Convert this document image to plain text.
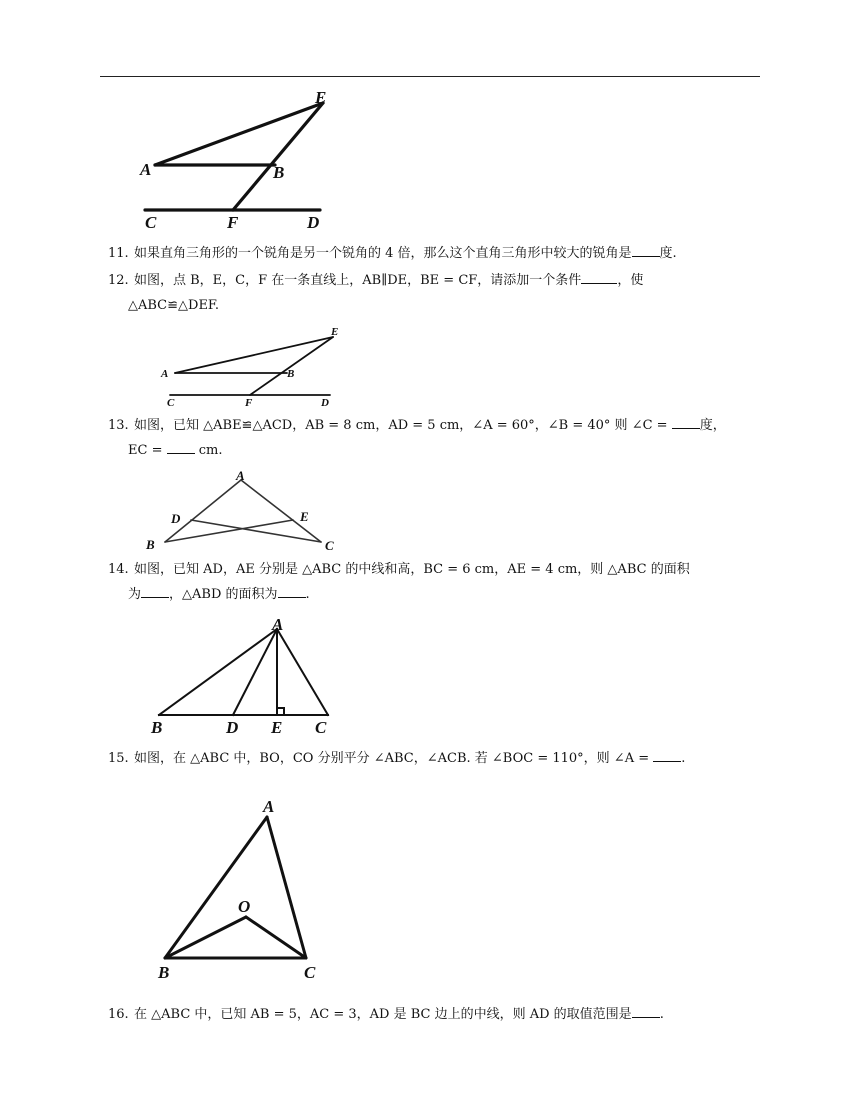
E
A	B
C	F	D
11. 如果直角三角形的一个锐角是另一个锐角的 4 倍，那么这个直角三角形中较大的锐角是 度.
12. 如图，点 B，E，C，F 在一条直线上，AB∥DE，BE = CF，请添加一个条件	，使
△ABC≌△DEF.
E
A	B
C	F	D
13. 如图，已知 △ABE≌△ACD，AB = 8 cm，AD = 5 cm，∠A = 60°，∠B = 40° 则 ∠C = 度，
EC =	cm.
A
D	E
B	C
14. 如图，已知 AD，AE 分别是 △ABC 的中线和高，BC = 6 cm，AE = 4 cm，则 △ABC 的面积
为 ，△ABD 的面积为 .
A
B	D E C
15. 如图，在 △ABC 中，BO，CO 分别平分 ∠ABC，∠ACB. 若 ∠BOC = 110°，则 ∠A = .
A
O
B	C
16. 在 △ABC 中，已知 AB = 5，AC = 3，AD 是 BC 边上的中线，则 AD 的取值范围是 .
